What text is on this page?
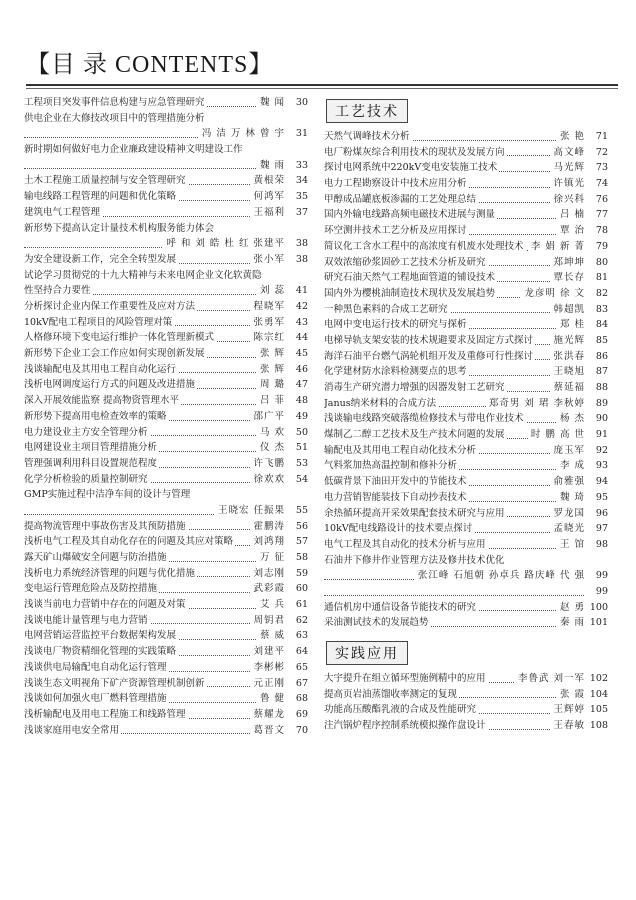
【目 录 CONTENTS】
工程项目突发事件信息构建与应急管理研究	魏 闻 30
供电企业在大修技改项目中的管理措施分析
冯 洁 万 林 曾 宇 31
新时期如何做好电力企业廉政建设精神文明建设工作
魏 雨 33
土木工程施工质量控制与安全管理研究	黄根荣 34
输电线路工程管理的问题和优化策略	何鸿军 35
建筑电气工程管理	王福利 37
新形势下提高认定计量技术机构服务能力体会
呼 和 刘 皓 杜 红 张建平 38
为安全建设新工作，完全全转型发展	张小军 38
试论学习贯彻党的十九大精神与未来电网企业文化软黄隐
性坚持合力要性	刘 蕊 41
分析探讨企业内保工作重要性及应对方法	程晓军 42
10kV配电工程项目的风险管理对策	张勇军 43
人格修环境下变电运行维护一体化管理新模式	陈宗红 44
新形势下企业工会工作应如何实现创新发展	张 辉 45
浅谈输配电及其用电工程自动化运行	张 辉 46
浅析电网调度运行方式的问题及改进措施	周 璐 47
深入开展效能监察 提高物资管理水平	吕 菲 48
新形势下提高用电检查效率的策略	邵广平 49
电力建设业主方安全管理分析	马 欢 50
电网建设业主项目管理措施分析	仪 杰 51
管理强调利用科目设置规范程度	许飞鹏 53
化学分析检验的质量控制研究	徐欢欢 54
GMP实施过程中洁净车间的设计与管理
王晓宏 任振果 55
提高物流管理中事故伤害及其预防措施	霍鹏涛 56
浅析电气工程及其自动化存在的问题及其应对策略	刘鸿翔 57
露天矿山爆破安全问题与防治措施	万 征 58
浅析电力系统经济管理的问题与优化措施	刘志刚 59
变电运行管理危险点及防控措施	武彩霞 60
浅谈当前电力营销中存在的问题及对策	艾 兵 61
浅谈电能计量管理与电力营销	周钥君 62
电网营销运营监控平台数据架构发展	蔡 威 63
浅谈电厂物资精细化管理的实践策略	刘建平 64
浅谈供电局输配电自动化运行管理	李彬彬 65
浅谈生态文明视角下矿产资源管理机制创新	元正刚 67
浅谈如何加强火电厂燃料管理措施	鲁 健 68
浅析输配电及用电工程施工和线路管理	蔡耀龙 69
浅谈家庭用电安全常用	葛晋文 70
工艺技术
天然气调峰技术分析	张 艳 71
电厂粉煤灰综合利用技术的现状及发展方向	高文峰 72
探讨电网系统中220kV变电安装施工技术	马光辉 73
电力工程勘察设计中技术应用分析	许镇光 74
甲醇成品罐底板渗漏的工艺处理总结	徐兴科 76
国内外输电线路高频电磁技术进展与测量	吕 楠 77
环空测井技术工艺分析及应用探讨	覃 治 78
简议化工含水工程中的高浓度有机废水处理技术 李 娟 新 菁 79
双效浓缩砂浆固砂工艺技术分析及研究	郑坤坤 80
研究石油天然气工程地面管道的铺设技术	覃长存 81
国内外为樱桃油制造技术现状及发展趋势	龙彦明 徐 文 82
一种黑色素料的合成工艺研究	韩超凯 83
电网中变电运行技术的研究与探析	郑 桂 84
电梯导轨支架安装的技术规避要求及固定方式探讨	施光辉 85
海洋石油平台燃气涡轮机组开发及重修可行性探讨	张洪春 86
化学建材防水涂料检测要点的思考	王晓旭 87
消毒生产研究潜力增强的因器发射工艺研究	蔡延福 88
Janus纳米材料的合成方法	郑奇男 刘 珺 李秋婷 89
浅谈输电线路突破落缆检修技术与带电作业技术	杨 杰 90
煤制乙二醇工艺技术及生产技术问题的发展	时 鹏 高 世 91
输配电及其用电工程自动化技术分析	庞玉军 92
气料浆加热高温控制和修补分析	李 成 93
低碳背景下油田开发中的节能技术	俞雅强 94
电力营销智能装技下自动抄表技术	魏 琦 95
余热循环提高开采效果配套技术研究与应用	罗龙国 96
10kV配电线路设计的技术要点探讨	孟晓光 97
电气工程及其自动化的技术分析与应用	王 馆 98
石油井下修井作业管理方法及修井技术优化
张江峰 石旭朝 孙卓兵 路庆峰 代 强 99
99
通信机房中通信设备节能技术的研究	赵 勇 100
采油测试技术的发展趋势	秦 雨 101
实践应用
大宇提升在组立循环型施例精中的应用	李鲁武 刘一军 102
提高页岩油蒸馏收率测定的复现	张 霞 104
功能高压酸酯乳液的合成及性能研究	王辉婷 105
注汽锅炉程序控制系统模拟操作盘设计	王春敏 108
